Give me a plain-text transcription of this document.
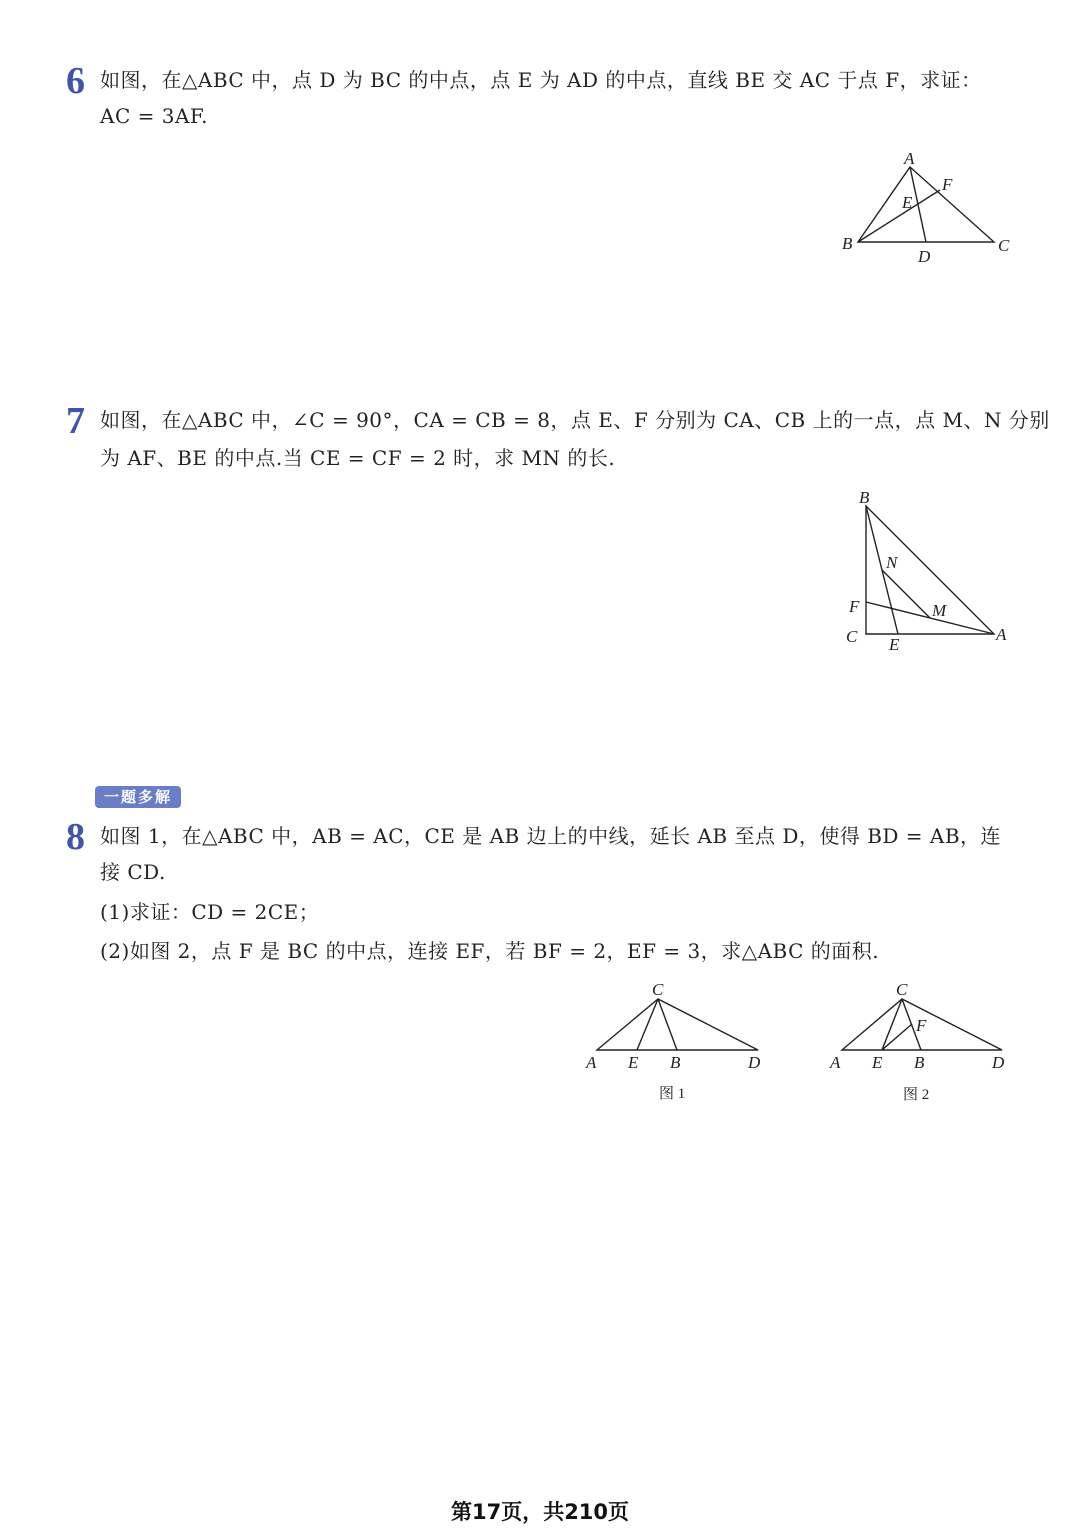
6 如图，在△ABC 中，点 D 为 BC 的中点，点 E 为 AD 的中点，直线 BE 交 AC 于点 F，求证：
AC = 3AF.
A
B	C
D
E
F
7 如图，在△ABC 中，∠C = 90°，CA = CB = 8，点 E、F 分别为 CA、CB 上的一点，点 M、N 分别
为 AF、BE 的中点.当 CE = CF = 2 时，求 MN 的长.
B
N
F	M
C E
A
一题多解
8 如图 1，在△ABC 中，AB = AC，CE 是 AB 边上的中线，延长 AB 至点 D，使得 BD = AB，连
接 CD.
(1)求证：CD = 2CE；
(2)如图 2，点 F 是 BC 的中点，连接 EF，若 BF = 2，EF = 3，求△ABC 的面积.
C
A E B	D
图 1
C
F
A E B	D
图 2
第17页，共210页
